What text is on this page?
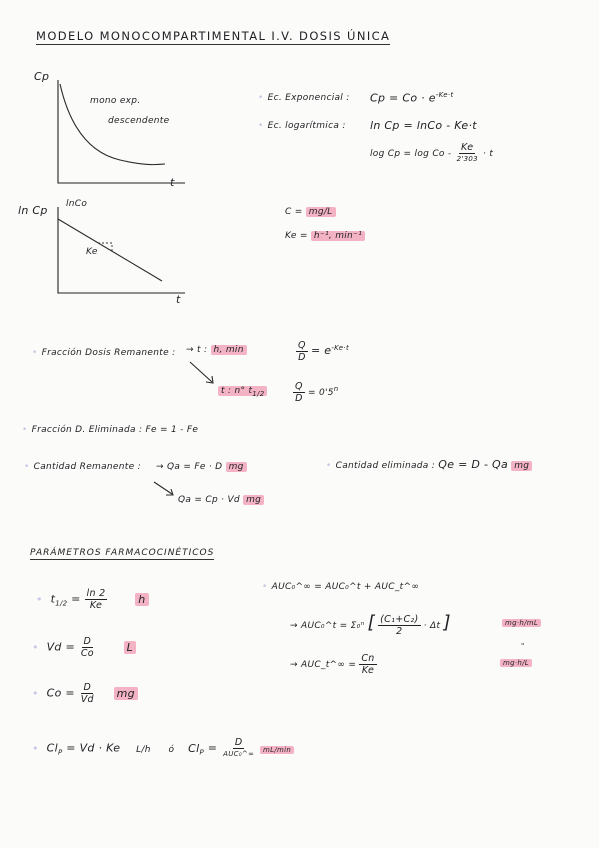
MODELO MONOCOMPARTIMENTAL I.V. DOSIS ÚNICA
Cp
mono exp.
descendente
t
• Ec. Exponencial : $Cp = Co \cdot e^{-Ke\cdot t}$
• Ec. logarítmica : ln Cp = lnCo - Ke·t
$\log Cp = \log Co - \frac{Ke}{2'303} \cdot t$
ln Cp lnCo
Ke
t
C = mg/L
Ke = h⁻¹, min⁻¹
• Fracción Dosis Remanente : → t : h, min	$\frac{Q}{D} = e^{-Ke\cdot t}$
t : n° $t_{1/2}$	$\frac{Q}{D} = 0'5^n$
• Fracción D. Eliminada : Fe = 1 - Fe
• Cantidad Remanente : → Qa = Fe · D mg
Qa = Cp · Vd mg
• Cantidad eliminada : Qe = D - Qa mg
PARÁMETROS FARMACOCINÉTICOS
• $t_{1/2} = \frac{\ln 2}{Ke}$	h
• $Vd = \frac{D}{Co}$	L
• $Co = \frac{D}{Vd}$ mg
• $Cl_P = Vd \cdot Ke$ L/h ó $Cl_P = \frac{D}{\text{AUC₀\textasciicircum{}∞}} mL/\min$
• AUC₀^∞ = AUC₀^t + AUC_t^∞
→ AUC₀^t = Σ₀ⁿ [ $\frac{\text{(C₁+C₂)}}{2} \cdot \Delta t$ ]	mg·h/mL
"
→ AUC_t^∞ = $\frac{Cn}{Ke}$	mg·h/L
